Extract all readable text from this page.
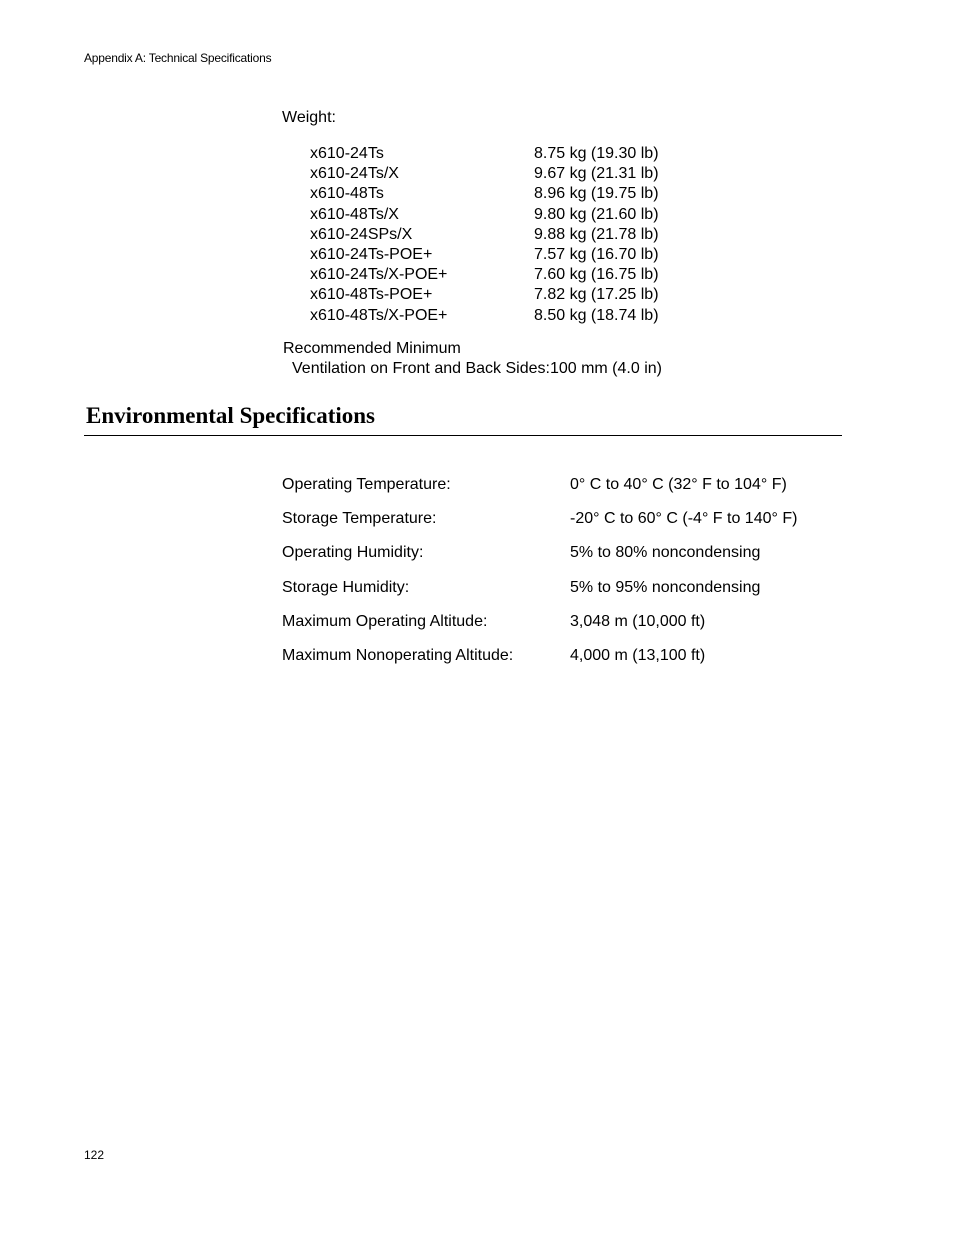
Appendix A: Technical Specifications
Weight:
x610-24Ts	8.75 kg (19.30 lb)
x610-24Ts/X	9.67 kg (21.31 lb)
x610-48Ts	8.96 kg (19.75 lb)
x610-48Ts/X	9.80 kg (21.60 lb)
x610-24SPs/X	9.88 kg (21.78 lb)
x610-24Ts-POE+	7.57 kg (16.70 lb)
x610-24Ts/X-POE+	7.60 kg (16.75 lb)
x610-48Ts-POE+	7.82 kg (17.25 lb)
x610-48Ts/X-POE+	8.50 kg (18.74 lb)
Recommended Minimum
Ventilation on Front and Back Sides:100 mm (4.0 in)
Environmental Specifications
Operating Temperature:	0° C to 40° C (32° F to 104° F)
Storage Temperature:	-20° C to 60° C (-4° F to 140° F)
Operating Humidity:	5% to 80% noncondensing
Storage Humidity:	5% to 95% noncondensing
Maximum Operating Altitude:	3,048 m (10,000 ft)
Maximum Nonoperating Altitude:	4,000 m (13,100 ft)
122
